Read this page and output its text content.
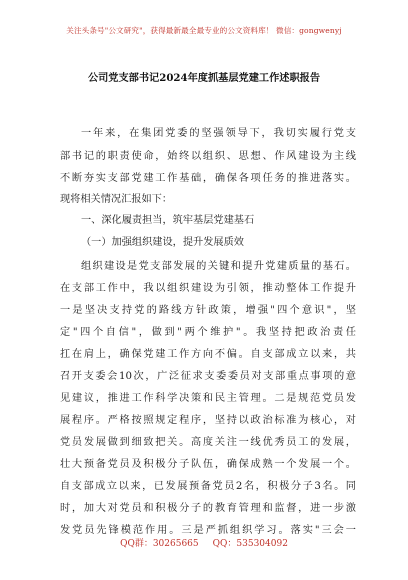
关注头条号"公文研究"，获得最新最全最专业的公文资料库！ 微信：gongwenyj
公司党支部书记2024年度抓基层党建工作述职报告
一年来，在集团党委的坚强领导下，我切实履行党支
部书记的职责使命，始终以组织、思想、作风建设为主线
不断夯实支部党建工作基础，确保各项任务的推进落实。
现将相关情况汇报如下：
一、深化履责担当，筑牢基层党建基石
（一）加强组织建设，提升发展质效
组织建设是党支部发展的关键和提升党建质量的基石。
在支部工作中，我以组织建设为引领，推动整体工作提升
一是坚决支持党的路线方针政策，增强"四个意识"，坚
定"四个自信"，做到"两个维护"。我坚持把政治责任
扛在肩上，确保党建工作方向不偏。自支部成立以来，共
召开支委会10次，广泛征求支委委员对支部重点事项的意
见建议，推进工作科学决策和民主管理。二是规范党员发
展程序。严格按照规定程序，坚持以政治标准为核心，对
党员发展做到细致把关。高度关注一线优秀员工的发展，
壮大预备党员及积极分子队伍，确保成熟一个发展一个。
自支部成立以来，已发展预备党员2名，积极分子3名。同
时，加大对党员和积极分子的教育管理和监督，进一步激
发党员先锋模范作用。三是严抓组织学习。落实"三会一
QQ群：30265665 QQ：535304092
